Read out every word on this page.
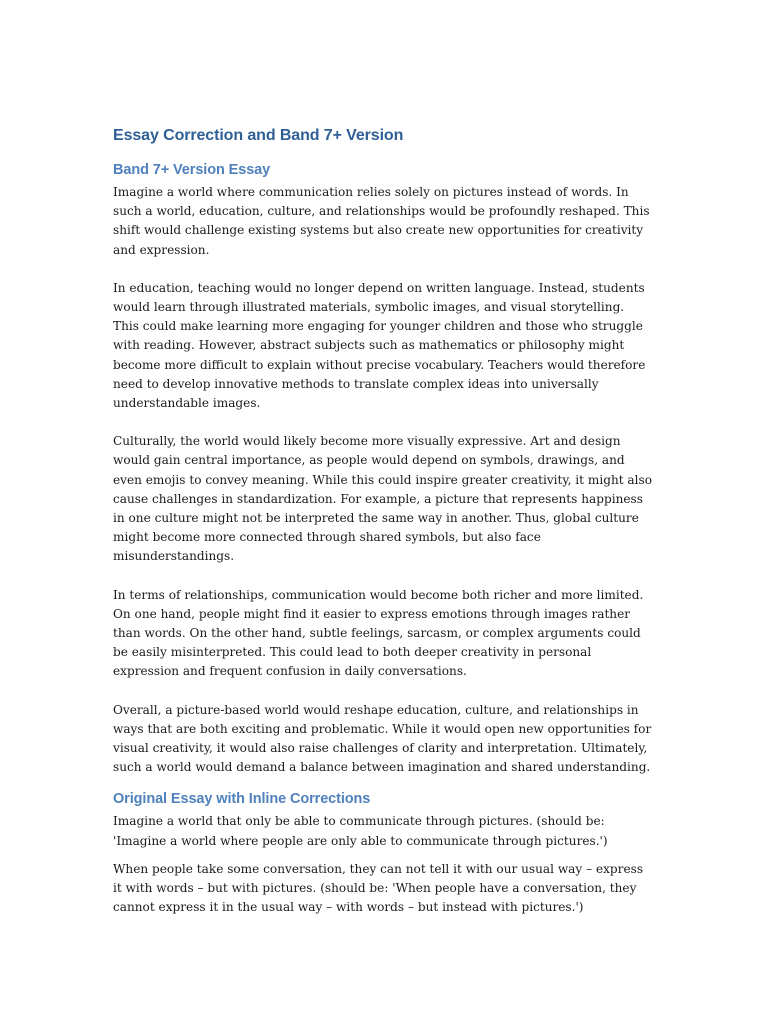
Essay Correction and Band 7+ Version
Band 7+ Version Essay

Imagine a world where communication relies solely on pictures instead of words. In such a world, education, culture, and relationships would be profoundly reshaped. This shift would challenge existing systems but also create new opportunities for creativity and expression.

In education, teaching would no longer depend on written language. Instead, students would learn through illustrated materials, symbolic images, and visual storytelling. This could make learning more engaging for younger children and those who struggle with reading. However, abstract subjects such as mathematics or philosophy might become more difficult to explain without precise vocabulary. Teachers would therefore need to develop innovative methods to translate complex ideas into universally understandable images.

Culturally, the world would likely become more visually expressive. Art and design would gain central importance, as people would depend on symbols, drawings, and even emojis to convey meaning. While this could inspire greater creativity, it might also cause challenges in standardization. For example, a picture that represents happiness in one culture might not be interpreted the same way in another. Thus, global culture might become more connected through shared symbols, but also face misunderstandings.

In terms of relationships, communication would become both richer and more limited. On one hand, people might find it easier to express emotions through images rather than words. On the other hand, subtle feelings, sarcasm, or complex arguments could be easily misinterpreted. This could lead to both deeper creativity in personal expression and frequent confusion in daily conversations.

Overall, a picture-based world would reshape education, culture, and relationships in ways that are both exciting and problematic. While it would open new opportunities for visual creativity, it would also raise challenges of clarity and interpretation. Ultimately, such a world would demand a balance between imagination and shared understanding.

Original Essay with Inline Corrections

Imagine a world that only be able to communicate through pictures. (should be: 'Imagine a world where people are only able to communicate through pictures.')

When people take some conversation, they can not tell it with our usual way – express it with words – but with pictures. (should be: 'When people have a conversation, they cannot express it in the usual way – with words – but instead with pictures.')
